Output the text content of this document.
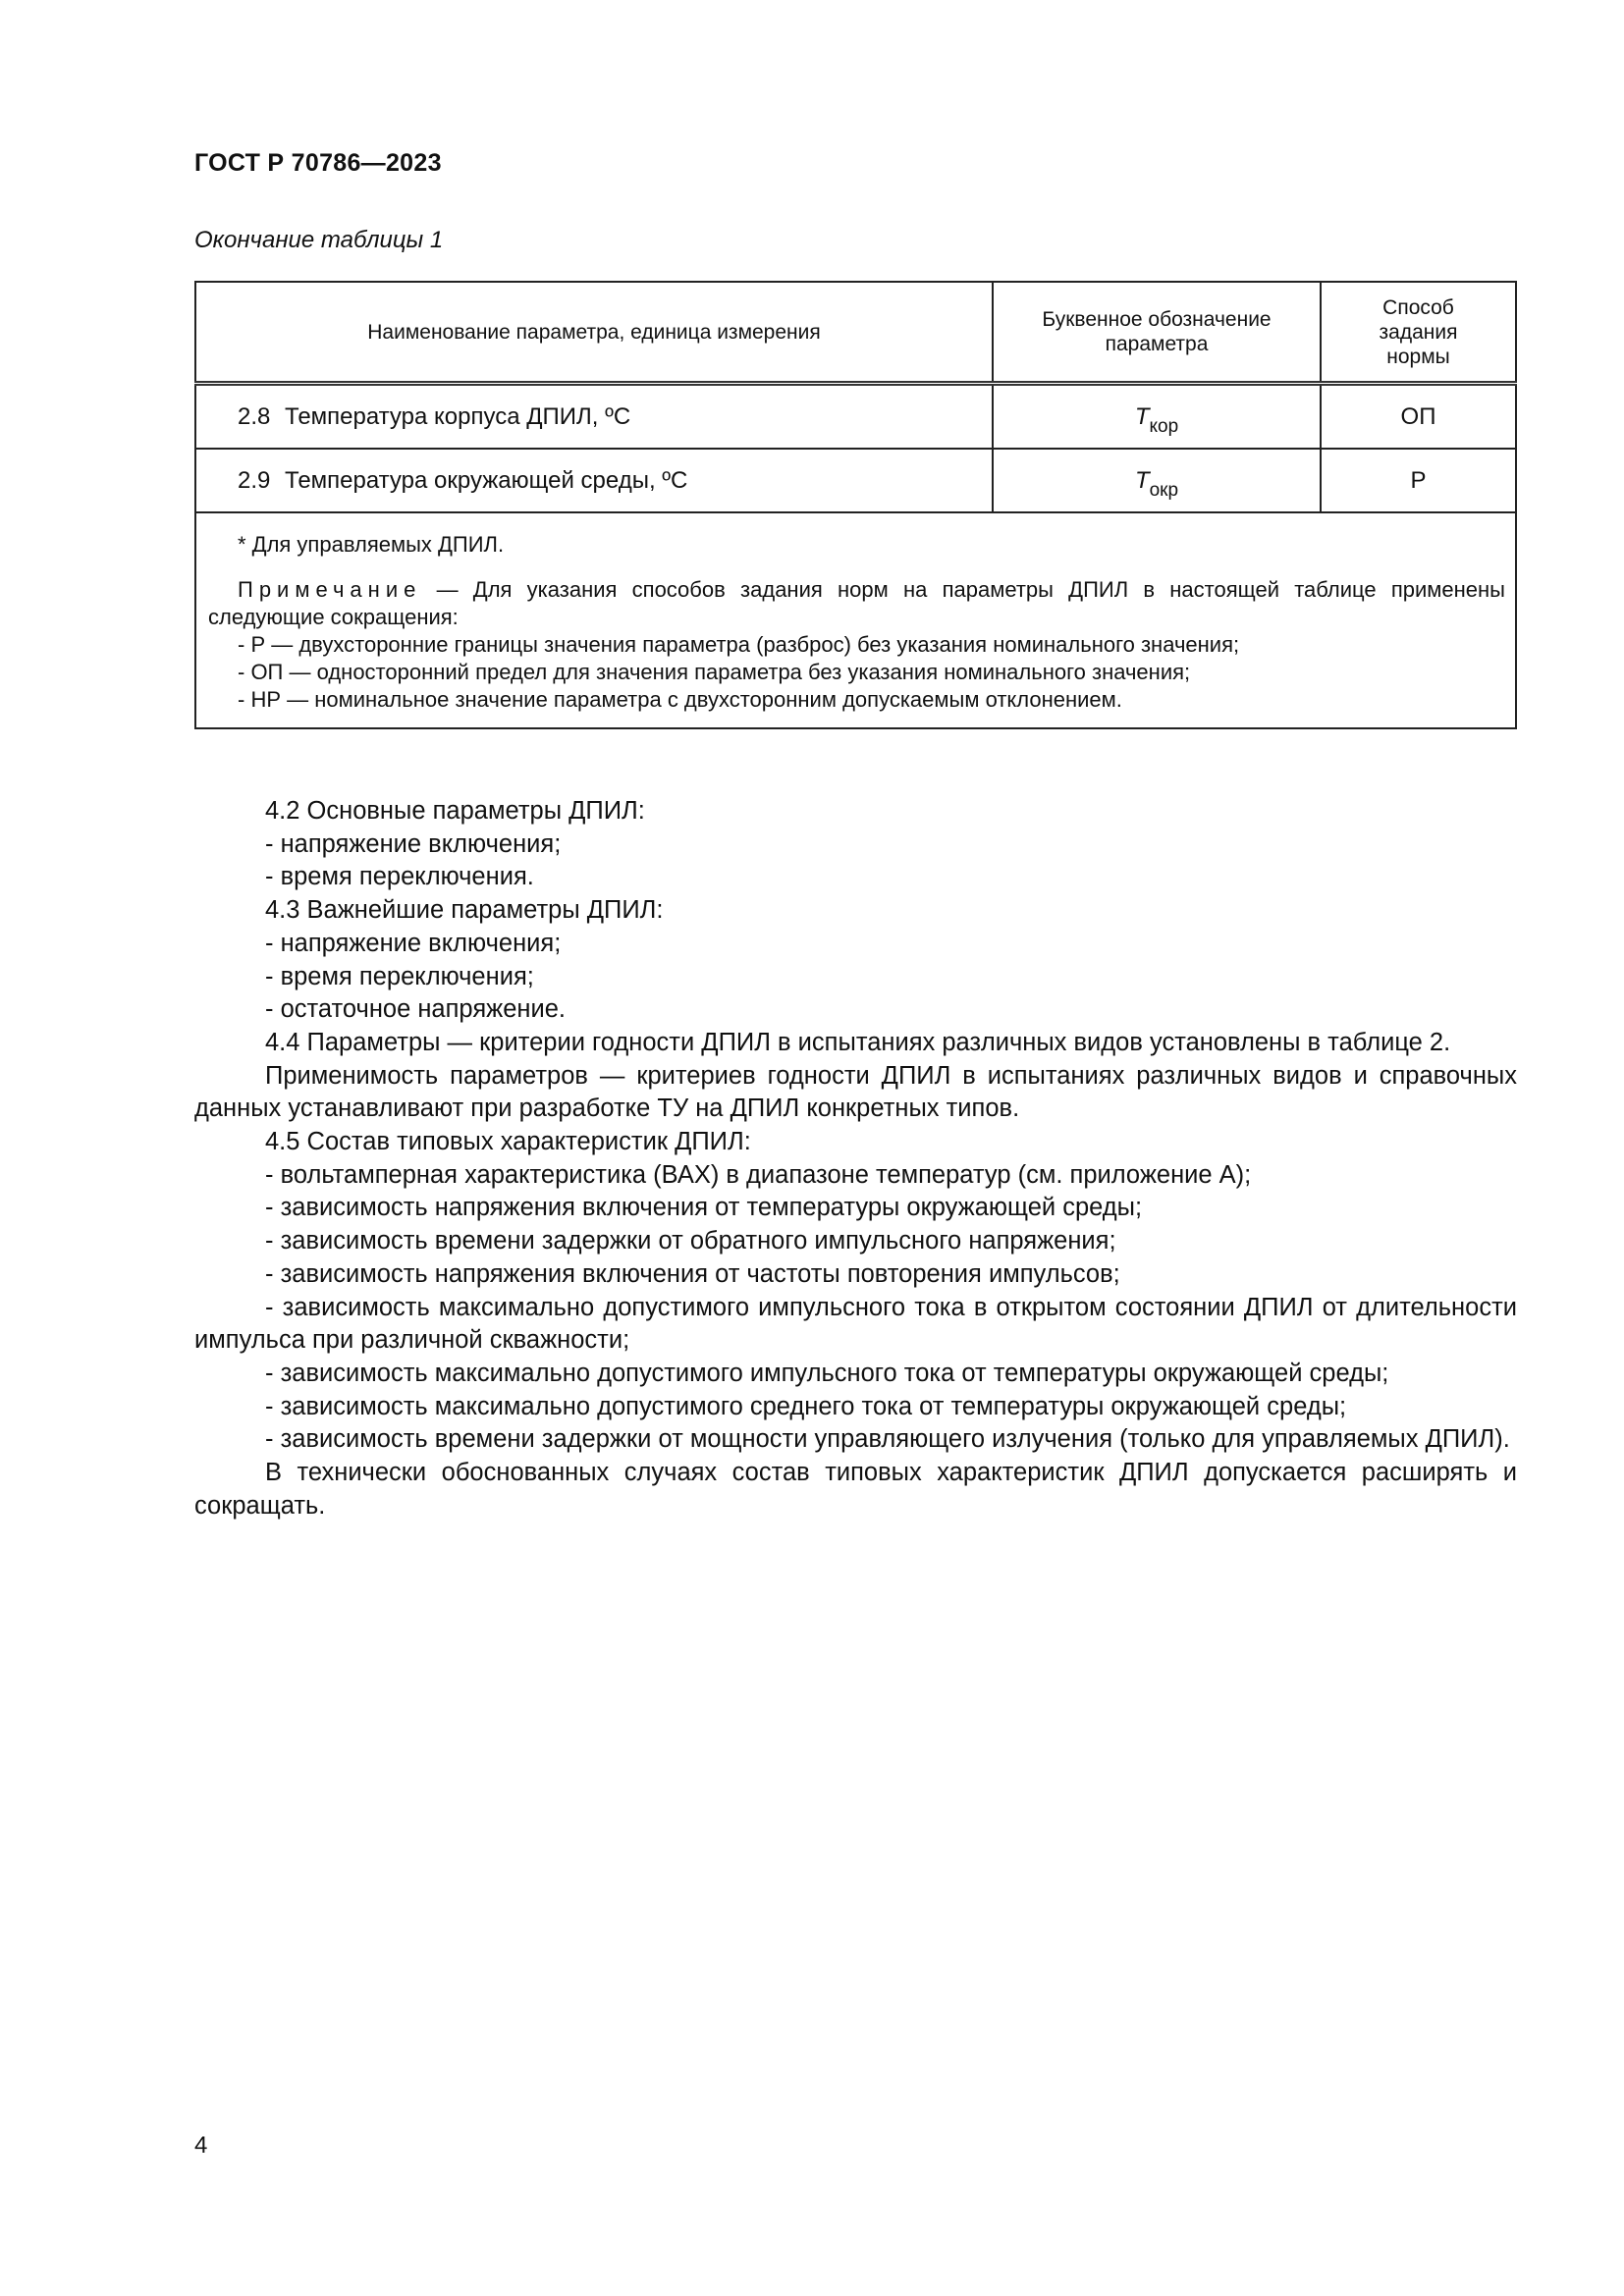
ГОСТ Р 70786—2023
Окончание таблицы 1
Наименование параметра, единица измерения	Буквенное обозначение параметра	Способ задания нормы
2.8 Температура корпуса ДПИЛ, ºС	$T_{кор}$	ОП
2.9 Температура окружающей среды, ºС	$T_{окр}$	Р

* Для управляемых ДПИЛ.
Примечание — Для указания способов задания норм на параметры ДПИЛ в настоящей таблице применены следующие сокращения:
- Р — двухсторонние границы значения параметра (разброс) без указания номинального значения;
- ОП — односторонний предел для значения параметра без указания номинального значения;
- НР — номинальное значение параметра с двухсторонним допускаемым отклонением.		

4.2 Основные параметры ДПИЛ:

- напряжение включения;

- время переключения.

4.3 Важнейшие параметры ДПИЛ:

- напряжение включения;

- время переключения;

- остаточное напряжение.

4.4 Параметры — критерии годности ДПИЛ в испытаниях различных видов установлены в таблице 2.

Применимость параметров — критериев годности ДПИЛ в испытаниях различных видов и справочных данных устанавливают при разработке ТУ на ДПИЛ конкретных типов.

4.5 Состав типовых характеристик ДПИЛ:

- вольтамперная характеристика (ВАХ) в диапазоне температур (см. приложение А);

- зависимость напряжения включения от температуры окружающей среды;

- зависимость времени задержки от обратного импульсного напряжения;

- зависимость напряжения включения от частоты повторения импульсов;

- зависимость максимально допустимого импульсного тока в открытом состоянии ДПИЛ от длительности импульса при различной скважности;

- зависимость максимально допустимого импульсного тока от температуры окружающей среды;

- зависимость максимально допустимого среднего тока от температуры окружающей среды;

- зависимость времени задержки от мощности управляющего излучения (только для управляемых ДПИЛ).

В технически обоснованных случаях состав типовых характеристик ДПИЛ допускается расширять и сокращать.

4
